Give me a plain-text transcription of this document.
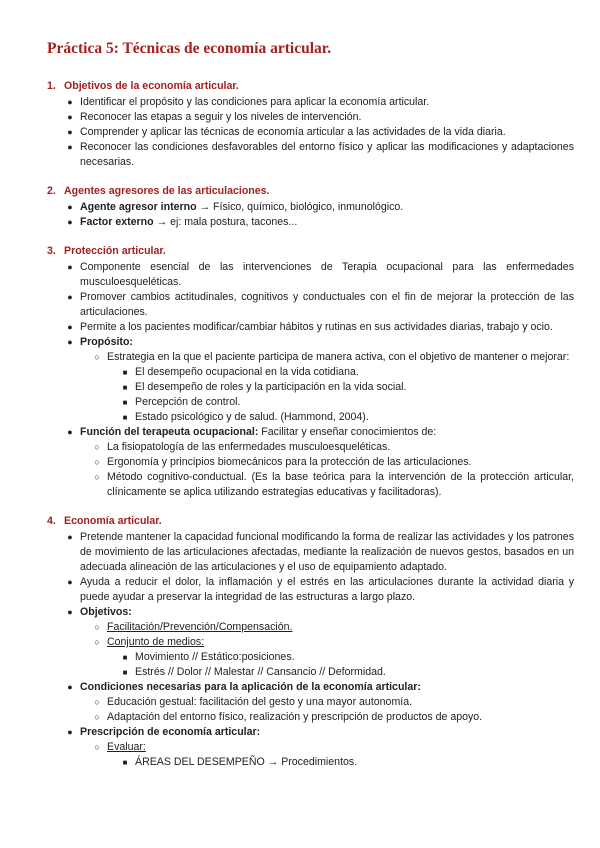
Práctica 5: Técnicas de economía articular.
1. Objetivos de la economía articular.
● Identificar el propósito y las condiciones para aplicar la economía articular.
● Reconocer las etapas a seguir y los niveles de intervención.
● Comprender y aplicar las técnicas de economía articular a las actividades de la vida diaria.
● Reconocer las condiciones desfavorables del entorno físico y aplicar las modificaciones y adaptaciones necesarias.
2. Agentes agresores de las articulaciones.
● Agente agresor interno → Físico, químico, biológico, inmunológico.
● Factor externo → ej: mala postura, tacones...
3. Protección articular.
● Componente esencial de las intervenciones de Terapia ocupacional para las enfermedades musculoesqueléticas.
● Promover cambios actitudinales, cognitivos y conductuales con el fin de mejorar la protección de las articulaciones.
● Permite a los pacientes modificar/cambiar hábitos y rutinas en sus actividades diarias, trabajo y ocio.
● Propósito:
○ Estrategia en la que el paciente participa de manera activa, con el objetivo de mantener o mejorar:
■ El desempeño ocupacional en la vida cotidiana.
■ El desempeño de roles y la participación en la vida social.
■ Percepción de control.
■ Estado psicológico y de salud. (Hammond, 2004).
● Función del terapeuta ocupacional: Facilitar y enseñar conocimientos de:
○ La fisiopatología de las enfermedades musculoesqueléticas.
○ Ergonomía y principios biomecánicos para la protección de las articulaciones.
○ Método cognitivo-conductual. (Es la base teórica para la intervención de la protección articular, clínicamente se aplica utilizando estrategias educativas y facilitadoras).
4. Economía articular.
● Pretende mantener la capacidad funcional modificando la forma de realizar las actividades y los patrones de movimiento de las articulaciones afectadas, mediante la realización de nuevos gestos, basados en un adecuada alineación de las articulaciones y el uso de equipamiento adaptado.
● Ayuda a reducir el dolor, la inflamación y el estrés en las articulaciones durante la actividad diaria y puede ayudar a preservar la integridad de las estructuras a largo plazo.
● Objetivos:
○ Facilitación/Prevención/Compensación.
○ Conjunto de medios:
■ Movimiento // Estático:posiciones.
■ Estrés // Dolor // Malestar // Cansancio // Deformidad.
● Condiciones necesarias para la aplicación de la economía articular:
○ Educación gestual: facilitación del gesto y una mayor autonomía.
○ Adaptación del entorno físico, realización y prescripción de productos de apoyo.
● Prescripción de economía articular:
○ Evaluar:
■ ÁREAS DEL DESEMPEÑO → Procedimientos.
